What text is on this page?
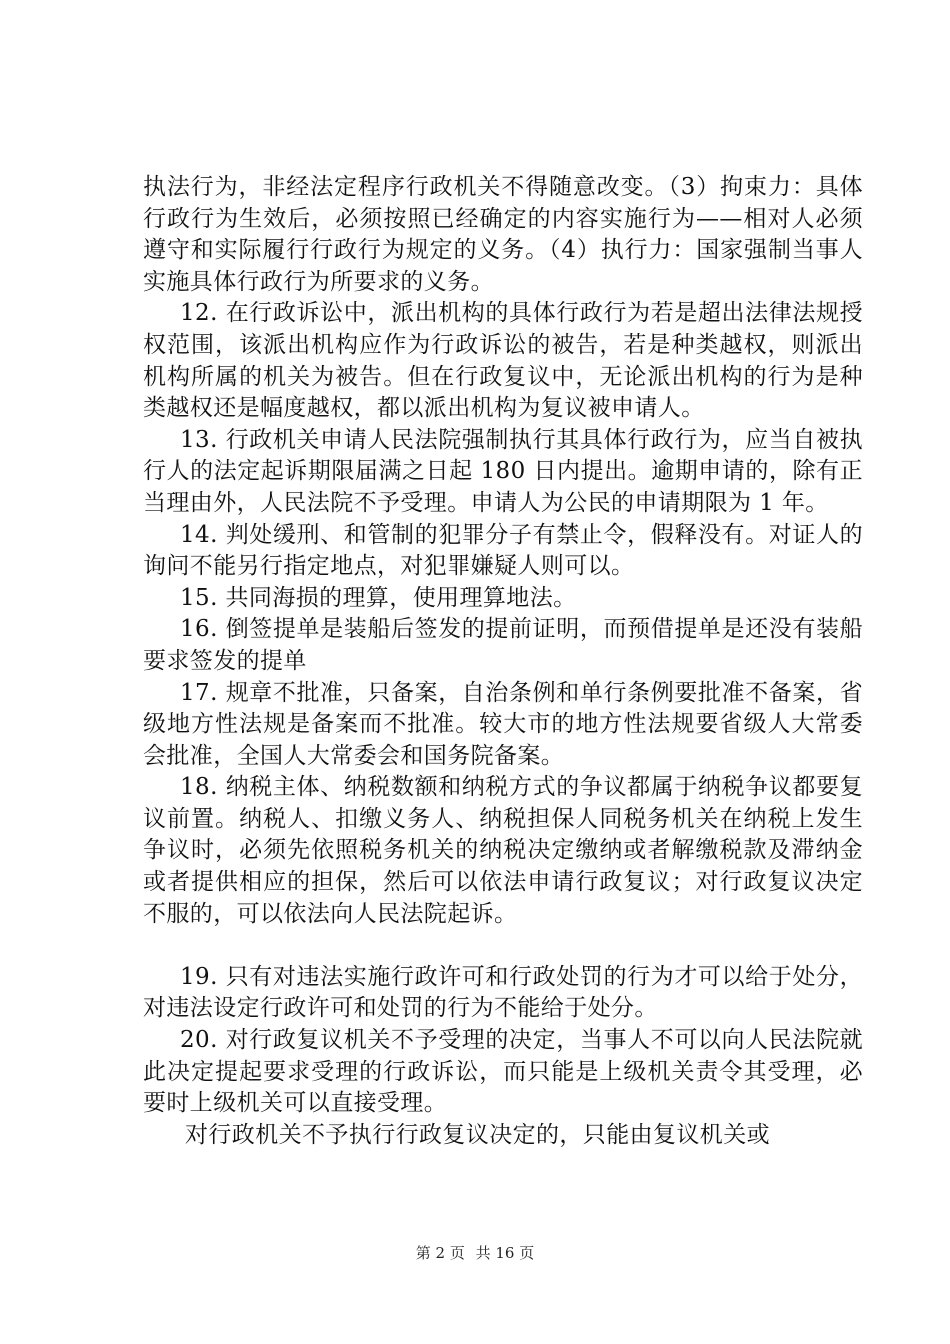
执法行为，非经法定程序行政机关不得随意改变。（3）拘束力：具体行政行为生效后，必须按照已经确定的内容实施行为——相对人必须遵守和实际履行行政行为规定的义务。（4）执行力：国家强制当事人实施具体行政行为所要求的义务。

12. 在行政诉讼中，派出机构的具体行政行为若是超出法律法规授权范围，该派出机构应作为行政诉讼的被告，若是种类越权，则派出机构所属的机关为被告。但在行政复议中，无论派出机构的行为是种类越权还是幅度越权，都以派出机构为复议被申请人。

13. 行政机关申请人民法院强制执行其具体行政行为，应当自被执行人的法定起诉期限届满之日起 180 日内提出。逾期申请的，除有正当理由外，人民法院不予受理。申请人为公民的申请期限为 1 年。

14. 判处缓刑、和管制的犯罪分子有禁止令，假释没有。对证人的询问不能另行指定地点，对犯罪嫌疑人则可以。

15. 共同海损的理算，使用理算地法。

16. 倒签提单是装船后签发的提前证明，而预借提单是还没有装船要求签发的提单

17. 规章不批准，只备案，自治条例和单行条例要批准不备案，省级地方性法规是备案而不批准。较大市的地方性法规要省级人大常委会批准，全国人大常委会和国务院备案。

18. 纳税主体、纳税数额和纳税方式的争议都属于纳税争议都要复议前置。纳税人、扣缴义务人、纳税担保人同税务机关在纳税上发生争议时，必须先依照税务机关的纳税决定缴纳或者解缴税款及滞纳金或者提供相应的担保，然后可以依法申请行政复议；对行政复议决定不服的，可以依法向人民法院起诉。

19. 只有对违法实施行政许可和行政处罚的行为才可以给于处分，对违法设定行政许可和处罚的行为不能给于处分。

20. 对行政复议机关不予受理的决定，当事人不可以向人民法院就此决定提起要求受理的行政诉讼，而只能是上级机关责令其受理，必要时上级机关可以直接受理。

对行政机关不予执行行政复议决定的，只能由复议机关或

第 2 页 共 16 页
